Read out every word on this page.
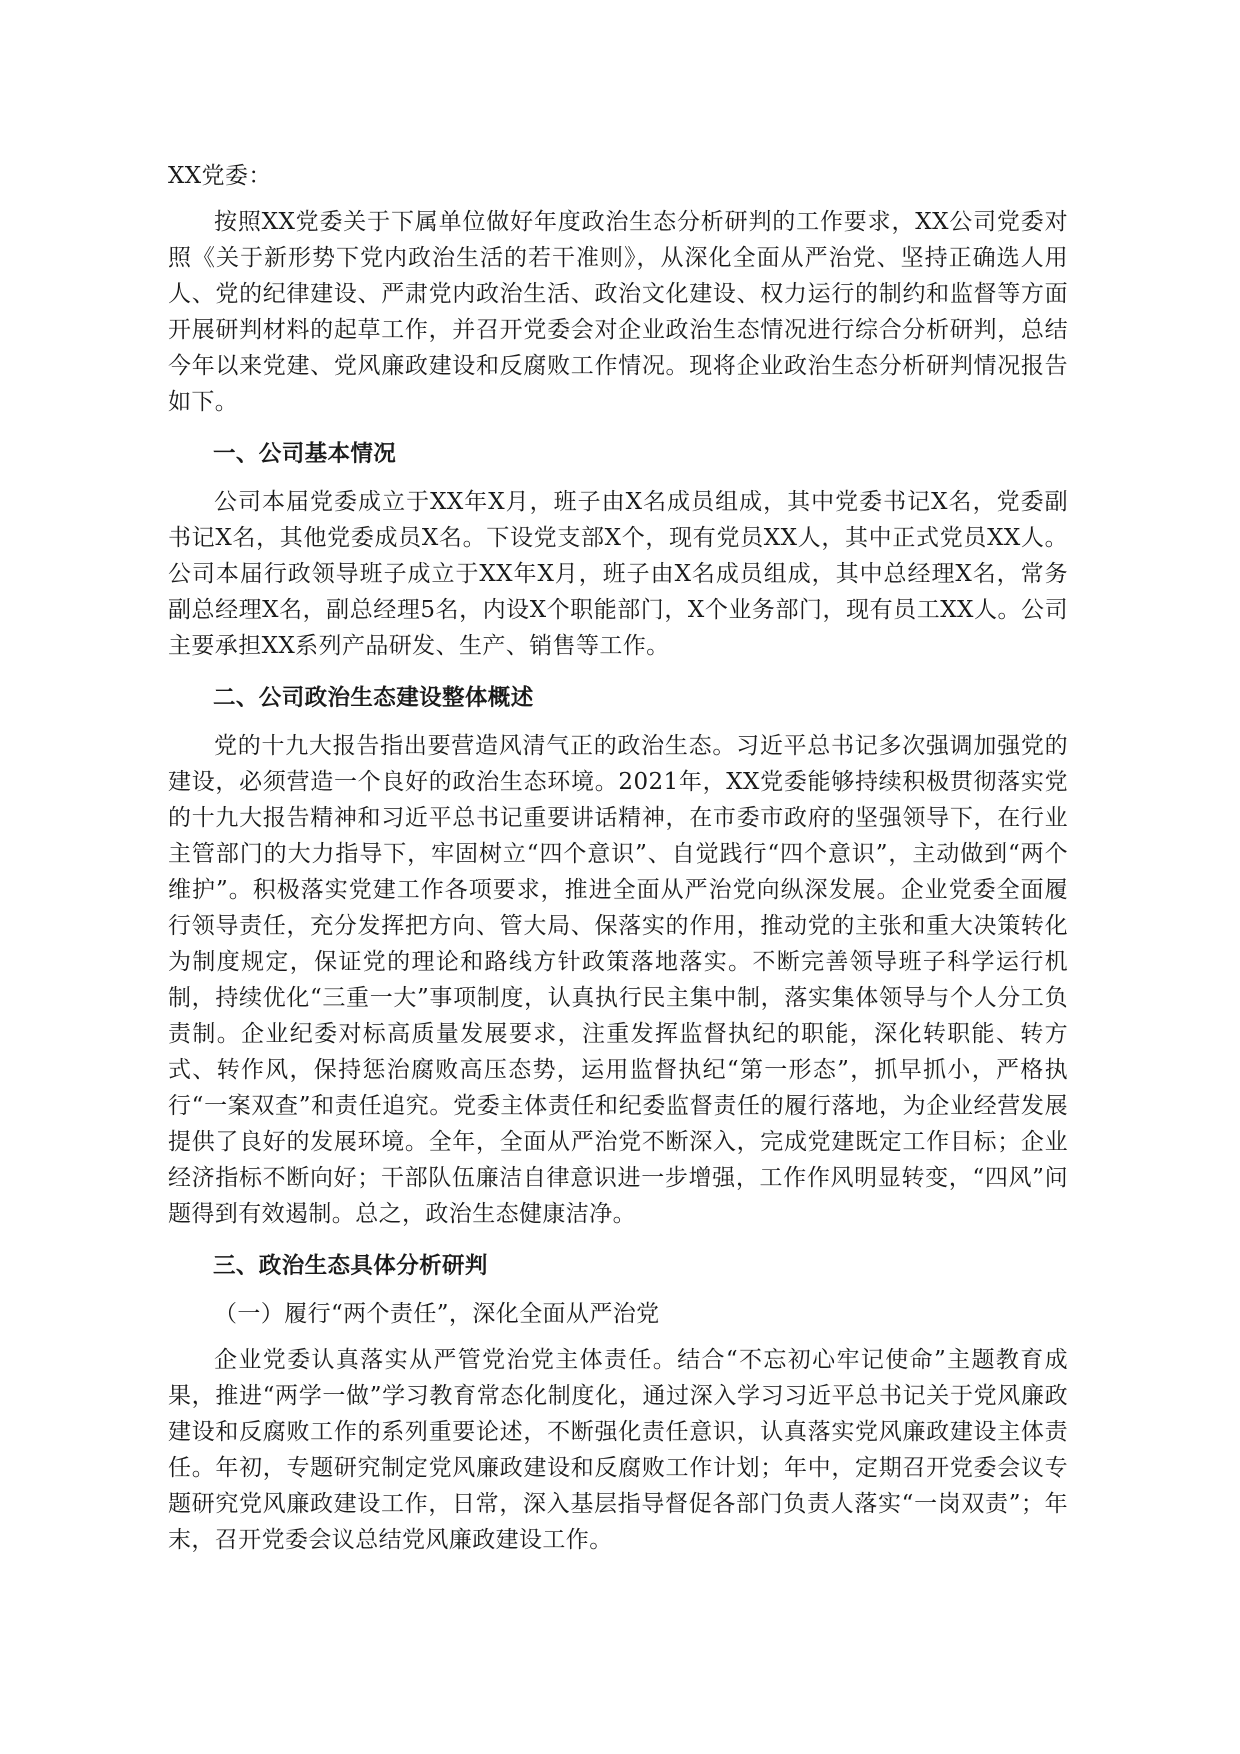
XX党委：

按照XX党委关于下属单位做好年度政治生态分析研判的工作要求，XX公司党委对照《关于新形势下党内政治生活的若干准则》，从深化全面从严治党、坚持正确选人用人、党的纪律建设、严肃党内政治生活、政治文化建设、权力运行的制约和监督等方面开展研判材料的起草工作，并召开党委会对企业政治生态情况进行综合分析研判，总结今年以来党建、党风廉政建设和反腐败工作情况。现将企业政治生态分析研判情况报告如下。

一、公司基本情况

公司本届党委成立于XX年X月，班子由X名成员组成，其中党委书记X名，党委副书记X名，其他党委成员X名。下设党支部X个，现有党员XX人，其中正式党员XX人。公司本届行政领导班子成立于XX年X月，班子由X名成员组成，其中总经理X名，常务副总经理X名，副总经理5名，内设X个职能部门，X个业务部门，现有员工XX人。公司主要承担XX系列产品研发、生产、销售等工作。

二、公司政治生态建设整体概述

党的十九大报告指出要营造风清气正的政治生态。习近平总书记多次强调加强党的建设，必须营造一个良好的政治生态环境。2021年，XX党委能够持续积极贯彻落实党的十九大报告精神和习近平总书记重要讲话精神，在市委市政府的坚强领导下，在行业主管部门的大力指导下，牢固树立“四个意识”、自觉践行“四个意识”，主动做到“两个维护”。积极落实党建工作各项要求，推进全面从严治党向纵深发展。企业党委全面履行领导责任，充分发挥把方向、管大局、保落实的作用，推动党的主张和重大决策转化为制度规定，保证党的理论和路线方针政策落地落实。不断完善领导班子科学运行机制，持续优化“三重一大”事项制度，认真执行民主集中制，落实集体领导与个人分工负责制。企业纪委对标高质量发展要求，注重发挥监督执纪的职能，深化转职能、转方式、转作风，保持惩治腐败高压态势，运用监督执纪“第一形态”，抓早抓小，严格执行“一案双查”和责任追究。党委主体责任和纪委监督责任的履行落地，为企业经营发展提供了良好的发展环境。全年，全面从严治党不断深入，完成党建既定工作目标；企业经济指标不断向好；干部队伍廉洁自律意识进一步增强，工作作风明显转变，“四风”问题得到有效遏制。总之，政治生态健康洁净。

三、政治生态具体分析研判

（一）履行“两个责任”，深化全面从严治党

企业党委认真落实从严管党治党主体责任。结合“不忘初心牢记使命”主题教育成果，推进“两学一做”学习教育常态化制度化，通过深入学习习近平总书记关于党风廉政建设和反腐败工作的系列重要论述，不断强化责任意识，认真落实党风廉政建设主体责任。年初，专题研究制定党风廉政建设和反腐败工作计划；年中，定期召开党委会议专题研究党风廉政建设工作，日常，深入基层指导督促各部门负责人落实“一岗双责”；年末，召开党委会议总结党风廉政建设工作。
